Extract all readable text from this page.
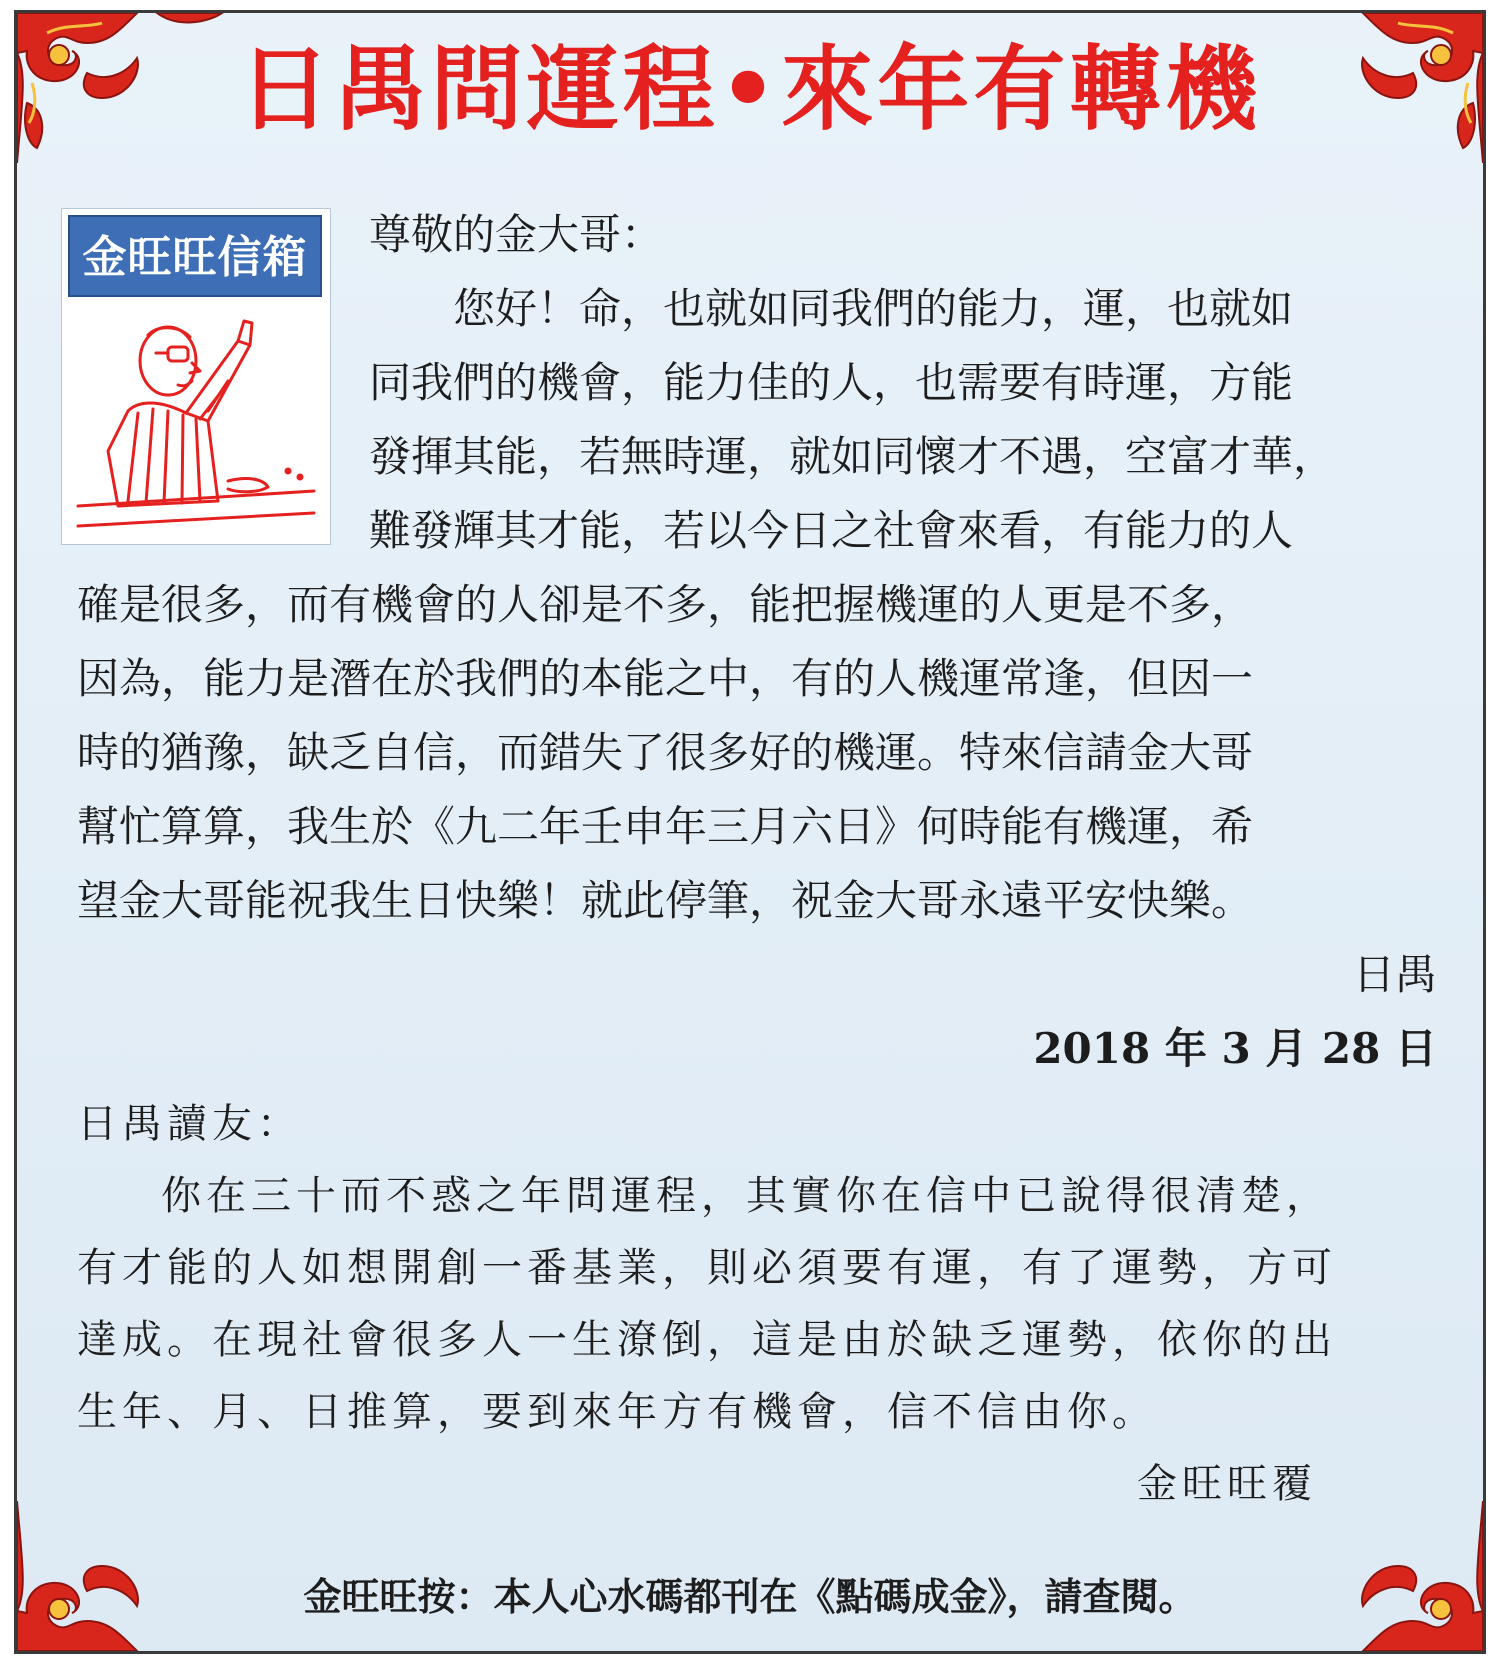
日禺問運程•來年有轉機
金旺旺信箱	尊敬的金大哥：

您好！命，也就如同我們的能力，運，也就如

同我們的機會，能力佳的人，也需要有時運，方能

發揮其能，若無時運，就如同懷才不遇，空富才華，

難發輝其才能，若以今日之社會來看，有能力的人

確是很多，而有機會的人卻是不多，能把握機運的人更是不多，

因為，能力是潛在於我們的本能之中，有的人機運常逢，但因一

時的猶豫，缺乏自信，而錯失了很多好的機運。特來信請金大哥

幫忙算算，我生於《九二年壬申年三月六日》何時能有機運，希

望金大哥能祝我生日快樂！就此停筆，祝金大哥永遠平安快樂。

日禺

2018 年 3 月 28 日

日禺讀友：

你在三十而不惑之年問運程，其實你在信中已說得很清楚，

有才能的人如想開創一番基業，則必須要有運，有了運勢，方可

達成。在現社會很多人一生潦倒，這是由於缺乏運勢，依你的出

生年、月、日推算，要到來年方有機會，信不信由你。

金旺旺覆

金旺旺按：本人心水碼都刊在《點碼成金》，請查閱。
